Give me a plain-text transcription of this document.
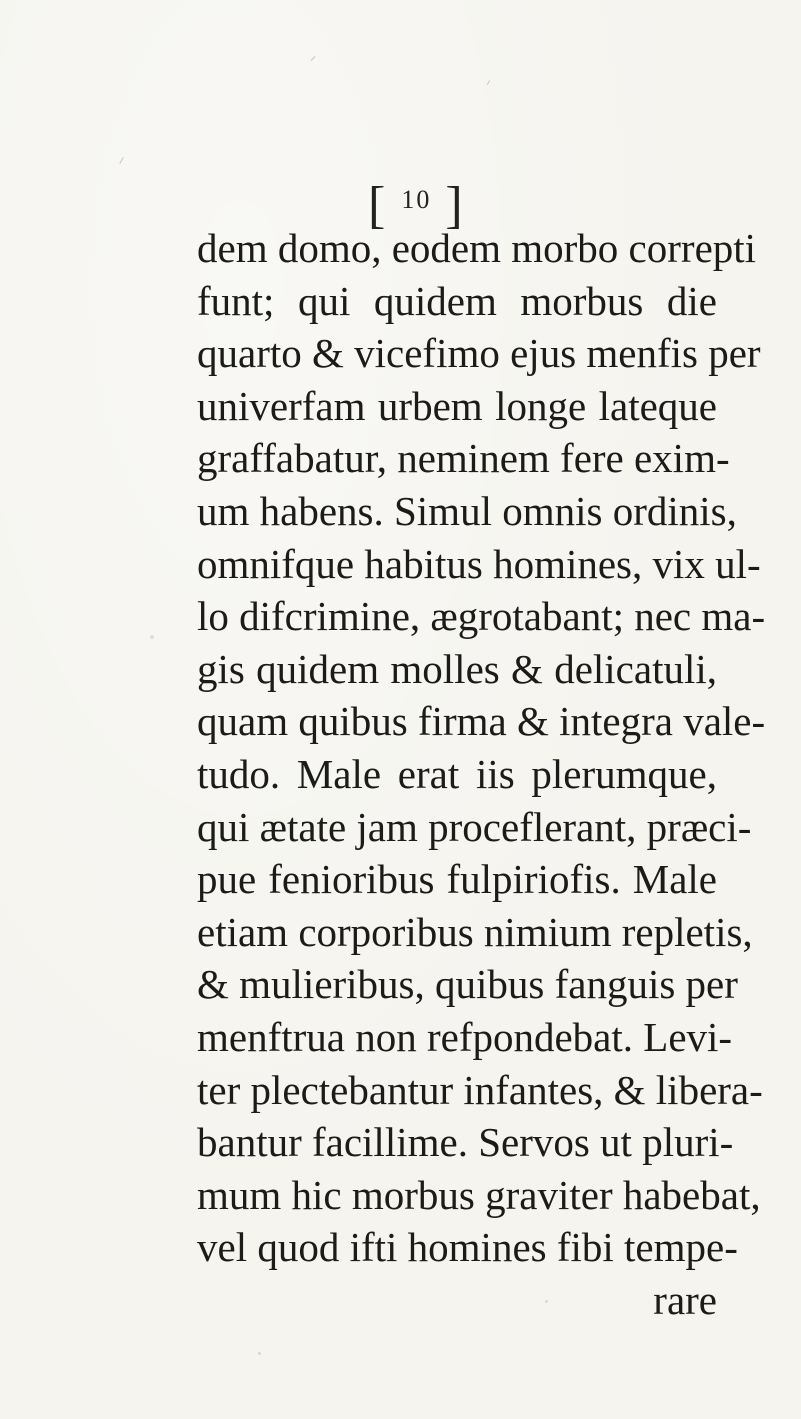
[ 10 ]
dem domo, eodem morbo correpti
funt; qui quidem morbus die
quarto & vicefimo ejus menfis per
univerfam urbem longe lateque
graffabatur, neminem fere exim-
um habens. Simul omnis ordinis,
omnifque habitus homines, vix ul-
lo difcrimine, ægrotabant; nec ma-
gis quidem molles & delicatuli,
quam quibus firma & integra vale-
tudo. Male erat iis plerumque,
qui ætate jam proceflerant, præci-
pue fenioribus fulpiriofis. Male
etiam corporibus nimium repletis,
& mulieribus, quibus fanguis per
menftrua non refpondebat. Levi-
ter plectebantur infantes, & libera-
bantur facillime. Servos ut pluri-
mum hic morbus graviter habebat,
vel quod ifti homines fibi tempe-
rare
